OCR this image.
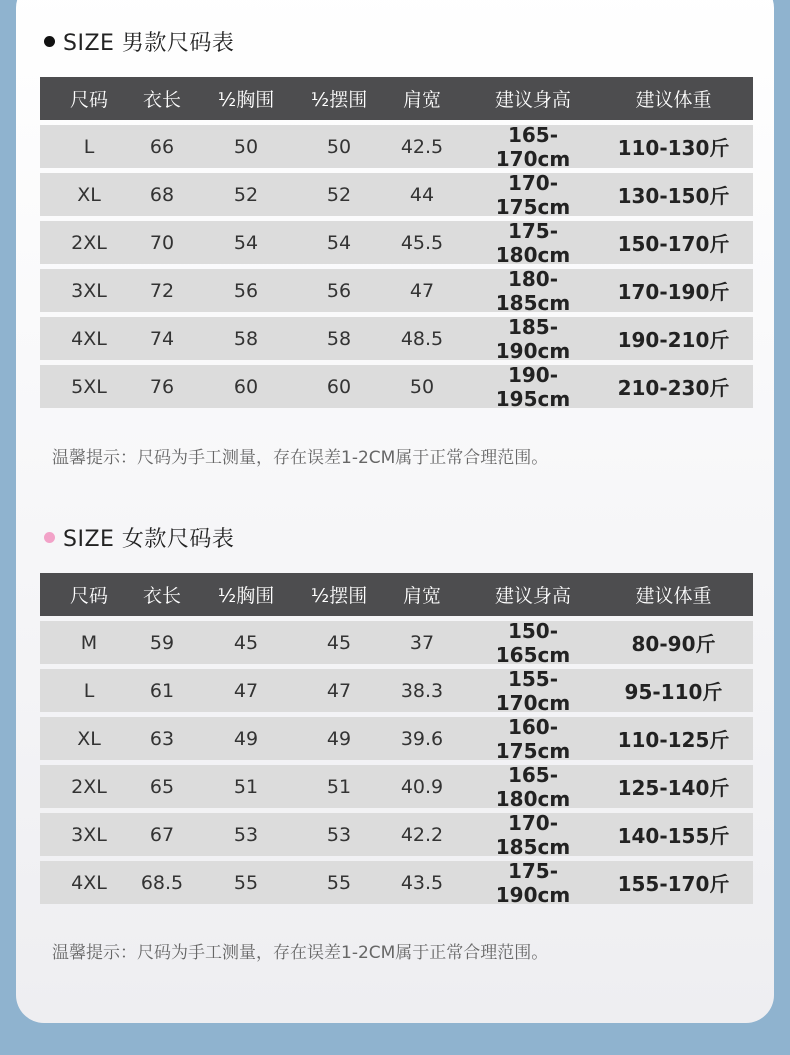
SIZE 男款尺码表
尺码	衣长	½胸围	½摆围	肩宽	建议身高	建议体重
L	66	50	50	42.5	165-170cm	110-130斤
XL	68	52	52	44	170-175cm	130-150斤
2XL	70	54	54	45.5	175-180cm	150-170斤
3XL	72	56	56	47	180-185cm	170-190斤
4XL	74	58	58	48.5	185-190cm	190-210斤
5XL	76	60	60	50	190-195cm	210-230斤
温馨提示：尺码为手工测量，存在误差1-2CM属于正常合理范围。
SIZE 女款尺码表
尺码	衣长	½胸围	½摆围	肩宽	建议身高	建议体重
M	59	45	45	37	150-165cm	80-90斤
L	61	47	47	38.3	155-170cm	95-110斤
XL	63	49	49	39.6	160-175cm	110-125斤
2XL	65	51	51	40.9	165-180cm	125-140斤
3XL	67	53	53	42.2	170-185cm	140-155斤
4XL	68.5	55	55	43.5	175-190cm	155-170斤
温馨提示：尺码为手工测量，存在误差1-2CM属于正常合理范围。
